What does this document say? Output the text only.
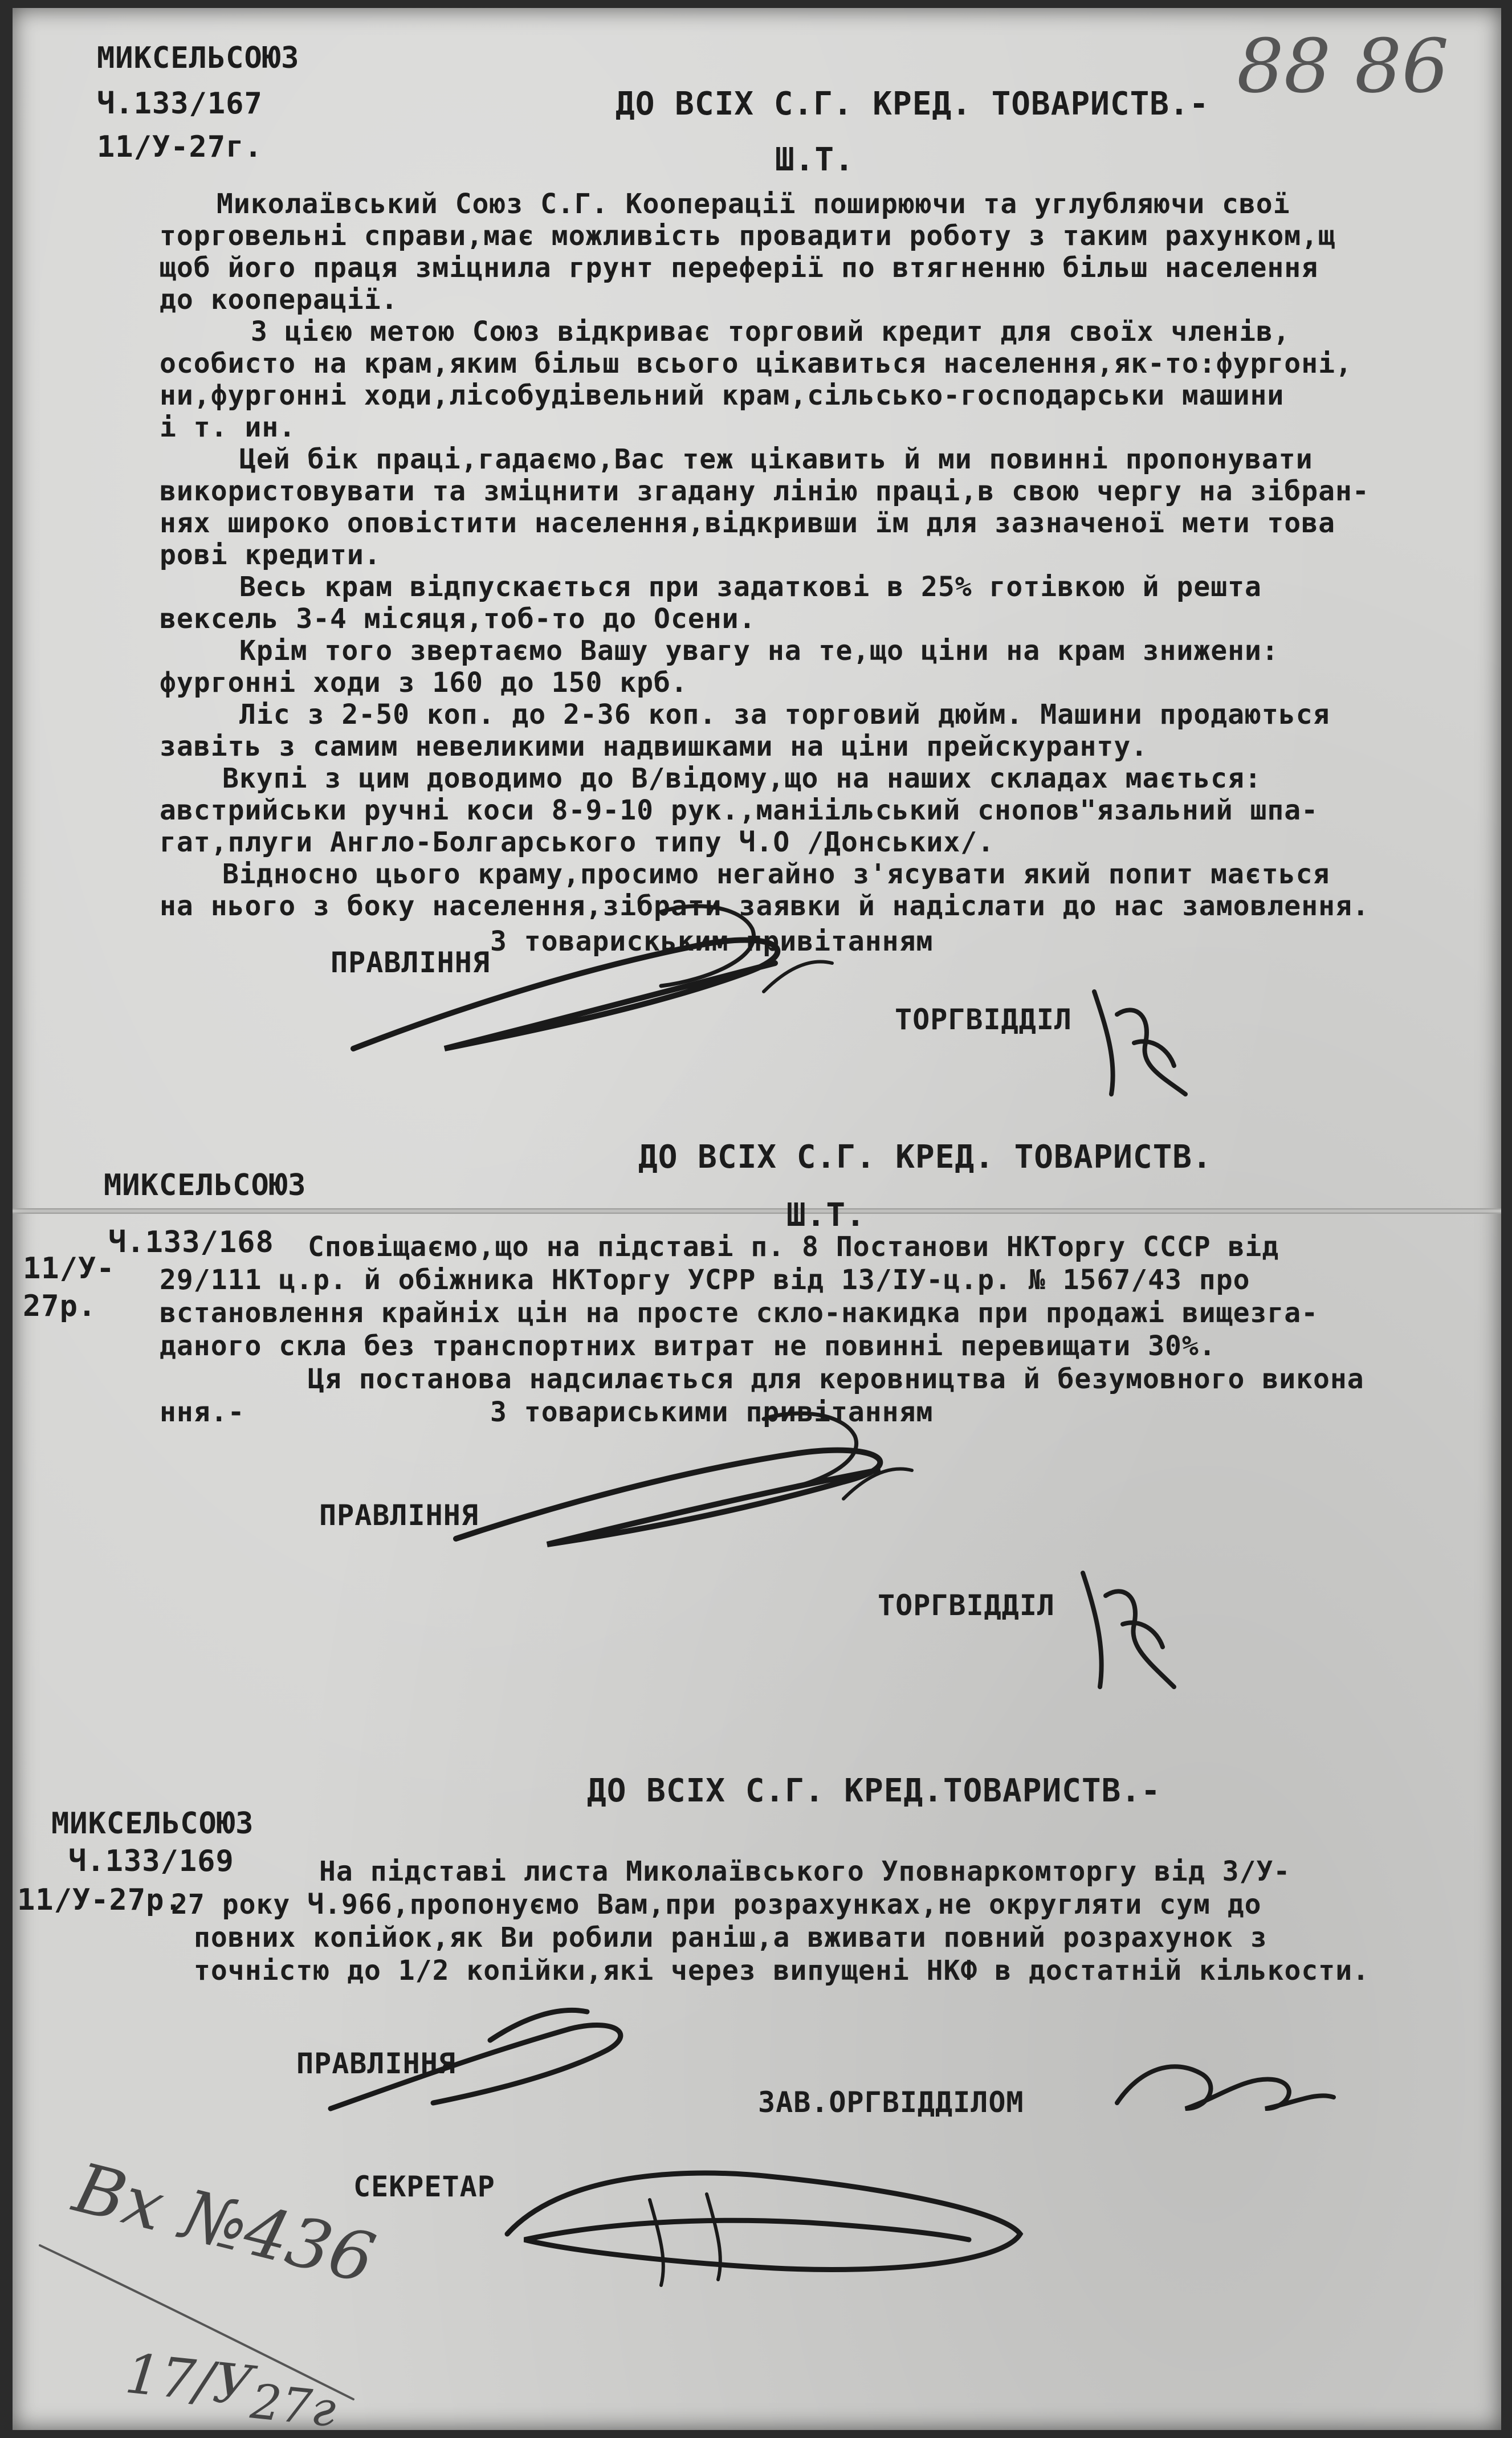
88 86
МИКСЕЛЬСОЮЗ
Ч.133/167
11/У-27г.
ДО ВСІХ С.Г. КРЕД. ТОВАРИСТВ.-
Ш.Т.
Миколаївський Союз С.Г. Кооперації поширюючи та углубляючи свої
торговельні справи,має можливість провадити роботу з таким рахунком,щ
щоб його праця зміцнила грунт переферії по втягненню більш населення
до кооперації.
З цією метою Союз відкриває торговий кредит для своїх членів,
особисто на крам,яким більш всього цікавиться населення,як-то:фургоні,
ни,фургонні ходи,лісобудівельний крам,сільсько-господарськи машини
і т. ин.
Цей бік праці,гадаємо,Вас теж цікавить й ми повинні пропонувати
використовувати та зміцнити згадану лінію праці,в свою чергу на зібран-
нях широко оповістити населення,відкривши їм для зазначеної мети това
рові кредити.
Весь крам відпускається при задаткові в 25% готівкою й решта
вексель 3-4 місяця,тоб-то до Осени.
Крім того звертаємо Вашу увагу на те,що ціни на крам знижени:
фургонні ходи з 160 до 150 крб.
Ліс з 2-50 коп. до 2-36 коп. за торговий дюйм. Машини продаються
завіть з самим невеликими надвишками на ціни прейскуранту.
Вкупі з цим доводимо до В/відому,що на наших складах мається:
австрийськи ручні коси 8-9-10 рук.,маніільський снопов"язальний шпа-
гат,плуги Англо-Болгарського типу Ч.О /Донських/.
Відносно цього краму,просимо негайно з'ясувати який попит мається
на нього з боку населення,зібрати заявки й надіслати до нас замовлення.
З товарискьким привітанням
ПРАВЛІННЯ
ТОРГВІДДІЛ
ДО ВСІХ С.Г. КРЕД. ТОВАРИСТВ.
МИКСЕЛЬСОЮЗ
Ш.Т.
Ч.133/168
11/У-
27р.
Сповіщаємо,що на підставі п. 8 Постанови НКТоргу СССР від
29/111 ц.р. й обіжника НКТоргу УСРР від 13/ІУ-ц.р. № 1567/43 про
встановлення крайніх цін на просте скло-накидка при продажі вищезга-
даного скла без транспортних витрат не повинні перевищати 30%.
Ця постанова надсилається для керовництва й безумовного викона
ння.-	З товариськими привітанням
ПРАВЛІННЯ
ТОРГВІДДІЛ
ДО ВСІХ С.Г. КРЕД.ТОВАРИСТВ.-
МИКСЕЛЬСОЮЗ
Ч.133/169
11/У-27р.
На підставі листа Миколаївського Уповнаркомторгу від 3/У-
27 року Ч.966,пропонуємо Вам,при розрахунках,не округляти сум до
повних копійок,як Ви робили раніш,а вживати повний розрахунок з
точністю до 1/2 копійки,які через випущені НКФ в достатній кількости.
ПРАВЛІННЯ
ЗАВ.ОРГВІДДІЛОМ
СЕКРЕТАР
Вх №436
17/У
27г
